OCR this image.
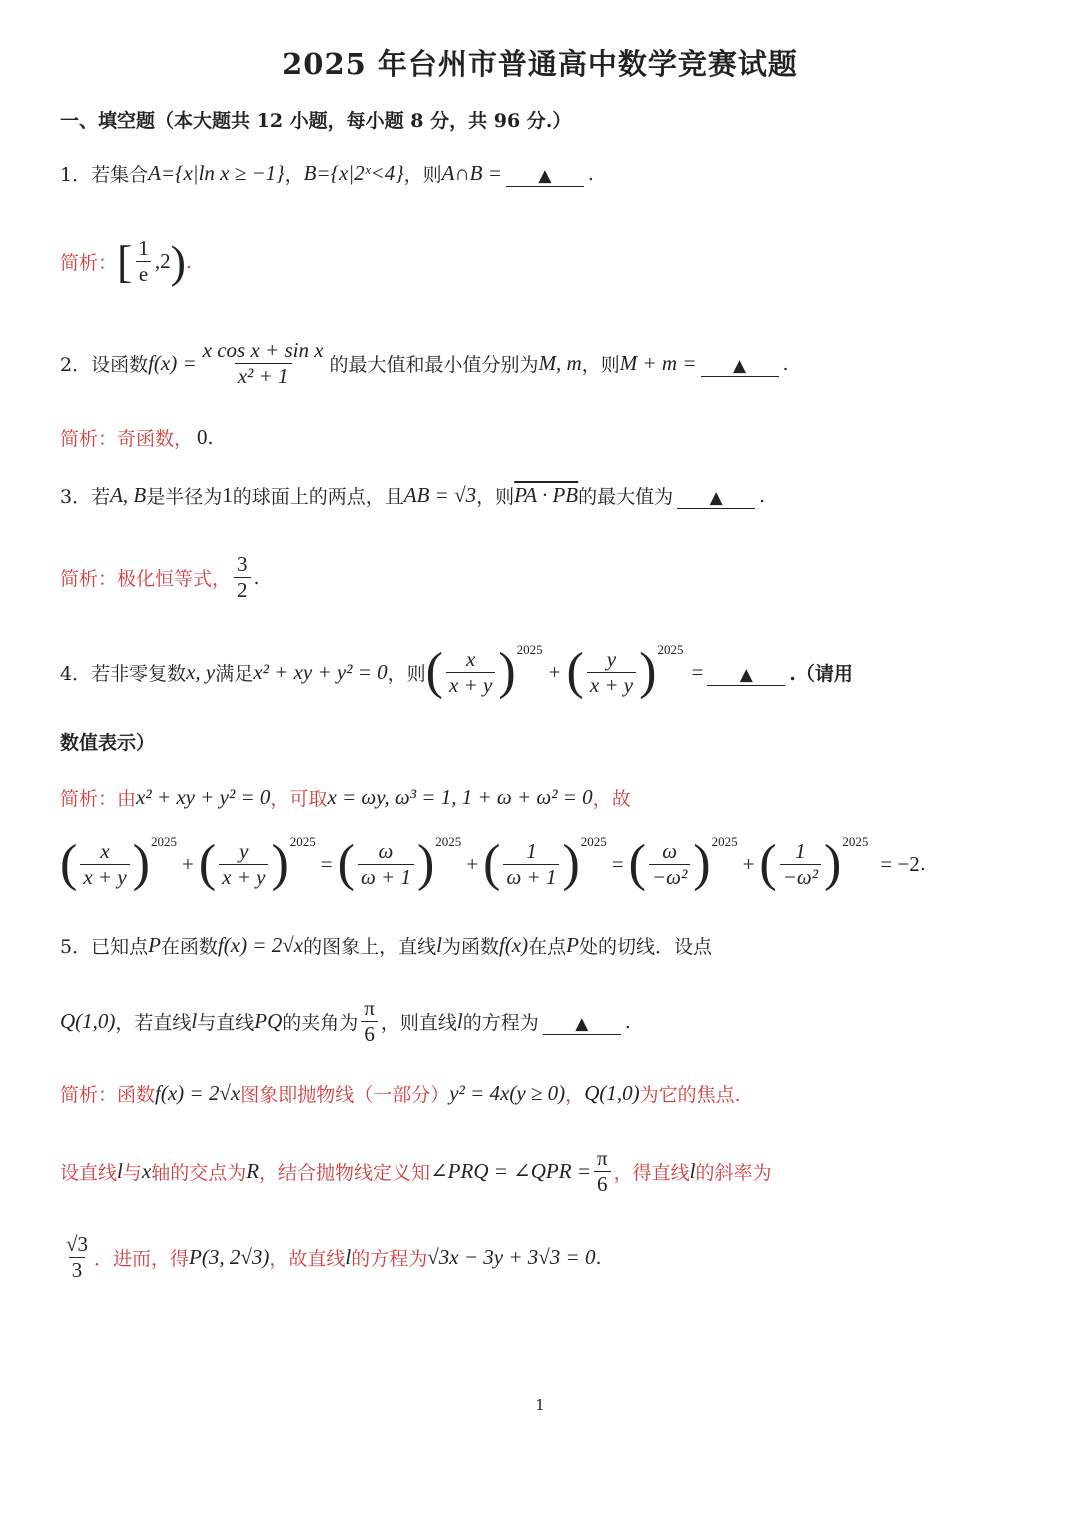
2025 年台州市普通高中数学竞赛试题
一、填空题（本大题共 12 小题，每小题 8 分，共 96 分.）
1．若集合 A={x|ln x ≥ −1} ， B={x|2ˣ<4} ，则 A∩B =	▲	.
简析： [ $\frac{1}{e} ,2$ ) .
2．设函数 $f(x) = \frac{\text{x cos x + sin x}}{\text{x² + 1}}$ 的最大值和最小值分别为 M, m ，则 M + m =	▲	.
简析： 奇函数， 0 .
3．若 A, B 是半径为 1 的球面上的两点，且 AB = √3 ，则 PA · PB 的最大值为	▲	.
简析： 极化恒等式， $\frac{3}{2}$ .
4．若非零复数 x, y 满足 x² + xy + y² = 0 ，则 ( $\frac{x}{x + y}$ ) 2025
+ ( $\frac{y}{x + y}$ ) 2025
=	▲	.（请用
数值表示）
简析： 由 x² + xy + y² = 0 ，可取 x = ωy, ω³ = 1, 1 + ω + ω² = 0 ，故
( $\frac{x}{x + y}$ ) 2025
+ ( $\frac{y}{x + y}$ ) 2025
= ( $\frac{\omega}{\omega + 1}$ ) 2025
+ ( $\frac{1}{\omega + 1}$ ) 2025
= ( $\frac{\omega}{\text{−ω²}}$ ) 2025
+ ( $\frac{1}{\text{−ω²}}$ ) 2025
= −2 .
5．已知点 P 在函数 f(x) = 2√x 的图象上，直线 l 为函数 f(x) 在点 P 处的切线．设点
Q(1,0) ，若直线 l 与直线 PQ 的夹角为 $\frac{\pi}{6}$ ，则直线 l 的方程为	▲	.
简析： 函数 f(x) = 2√x 图象即抛物线（一部分） y² = 4x(y ≥ 0) ， Q(1,0) 为它的焦点.
设直线 l 与 x 轴的交点为 R ，结合抛物线定义知 ∠PRQ = ∠QPR = $\frac{\pi}{6}$ ，得直线 l 的斜率为
$\frac{√3}{3}$ ．进而，得 P(3, 2√3) ，故直线 l 的方程为 √3x − 3y + 3√3 = 0 .
1
